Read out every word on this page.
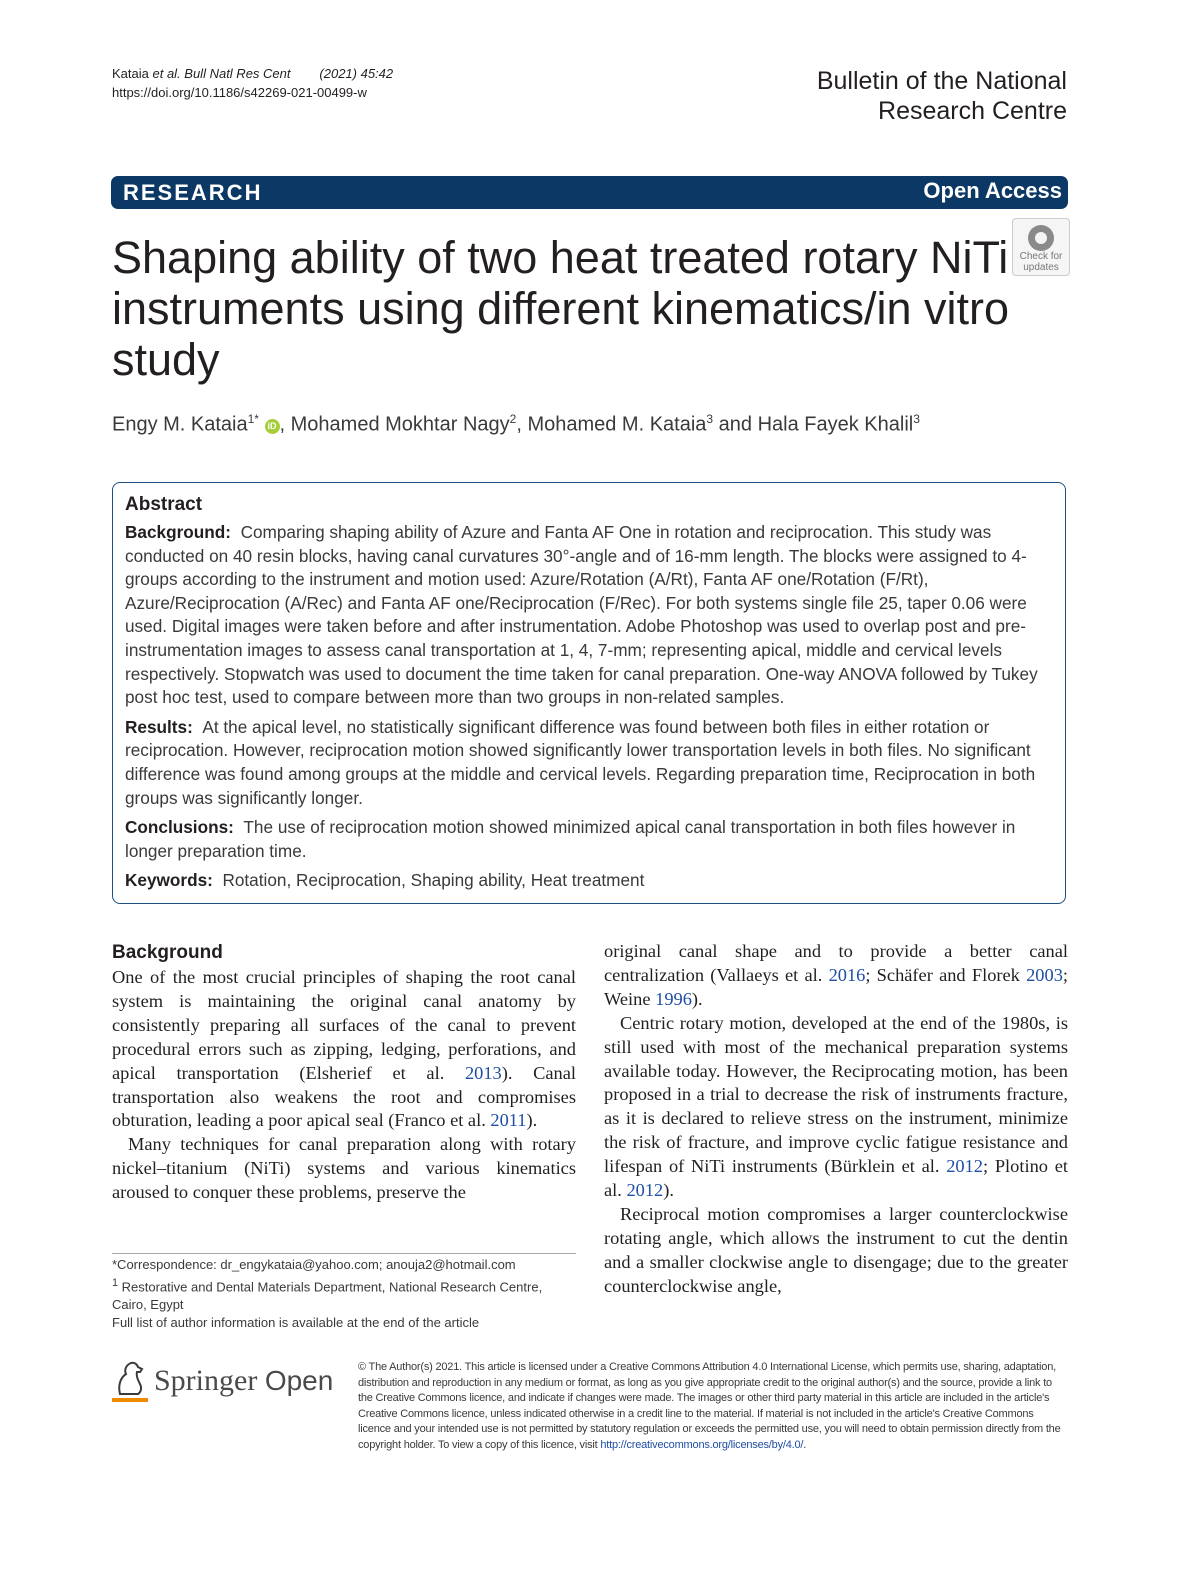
Kataia et al. Bull Natl Res Cent (2021) 45:42
https://doi.org/10.1186/s42269-021-00499-w	Bulletin of the National
Research Centre
RESEARCH	Open Access
Shaping ability of two heat treated rotary NiTi instruments using different kinematics/in vitro study
Check for
updates
Engy M. Kataia$^{1*}$ iD , Mohamed Mokhtar Nagy$^2$, Mohamed M. Kataia$^3$ and Hala Fayek Khalil$^3$
Abstract

Background: Comparing shaping ability of Azure and Fanta AF One in rotation and reciprocation. This study was conducted on 40 resin blocks, having canal curvatures 30°-angle and of 16-mm length. The blocks were assigned to 4-groups according to the instrument and motion used: Azure/Rotation (A/Rt), Fanta AF one/Rotation (F/Rt), Azure/Reciprocation (A/Rec) and Fanta AF one/Reciprocation (F/Rec). For both systems single file 25, taper 0.06 were used. Digital images were taken before and after instrumentation. Adobe Photoshop was used to overlap post and pre-instrumentation images to assess canal transportation at 1, 4, 7-mm; representing apical, middle and cervical levels respectively. Stopwatch was used to document the time taken for canal preparation. One-way ANOVA followed by Tukey post hoc test, used to compare between more than two groups in non-related samples.

Results: At the apical level, no statistically significant difference was found between both files in either rotation or reciprocation. However, reciprocation motion showed significantly lower transportation levels in both files. No significant difference was found among groups at the middle and cervical levels. Regarding preparation time, Reciprocation in both groups was significantly longer.

Conclusions: The use of reciprocation motion showed minimized apical canal transportation in both files however in longer preparation time.

Keywords: Rotation, Reciprocation, Shaping ability, Heat treatment

Background

One of the most crucial principles of shaping the root canal system is maintaining the original canal anatomy by consistently preparing all surfaces of the canal to prevent procedural errors such as zipping, ledging, perforations, and apical transportation (Elsherief et al. 2013). Canal transportation also weakens the root and compromises obturation, leading a poor apical seal (Franco et al. 2011).

Many techniques for canal preparation along with rotary nickel–titanium (NiTi) systems and various kinematics aroused to conquer these problems, preserve the

original canal shape and to provide a better canal centralization (Vallaeys et al. 2016; Schäfer and Florek 2003; Weine 1996).

Centric rotary motion, developed at the end of the 1980s, is still used with most of the mechanical preparation systems available today. However, the Reciprocating motion, has been proposed in a trial to decrease the risk of instruments fracture, as it is declared to relieve stress on the instrument, minimize the risk of fracture, and improve cyclic fatigue resistance and lifespan of NiTi instruments (Bürklein et al. 2012; Plotino et al. 2012).

Reciprocal motion compromises a larger counterclockwise rotating angle, which allows the instrument to cut the dentin and a smaller clockwise angle to disengage; due to the greater counterclockwise angle,

*Correspondence: dr_engykataia@yahoo.com; anouja2@hotmail.com

$^1$ Restorative and Dental Materials Department, National Research Centre, Cairo, Egypt

Full list of author information is available at the end of the article

Springer Open © The Author(s) 2021. This article is licensed under a Creative Commons Attribution 4.0 International License, which permits use, sharing, adaptation, distribution and reproduction in any medium or format, as long as you give appropriate credit to the original author(s) and the source, provide a link to the Creative Commons licence, and indicate if changes were made. The images or other third party material in this article are included in the article's Creative Commons licence, unless indicated otherwise in a credit line to the material. If material is not included in the article's Creative Commons licence and your intended use is not permitted by statutory regulation or exceeds the permitted use, you will need to obtain permission directly from the copyright holder. To view a copy of this licence, visit http://creativecommons.org/licenses/by/4.0/.
